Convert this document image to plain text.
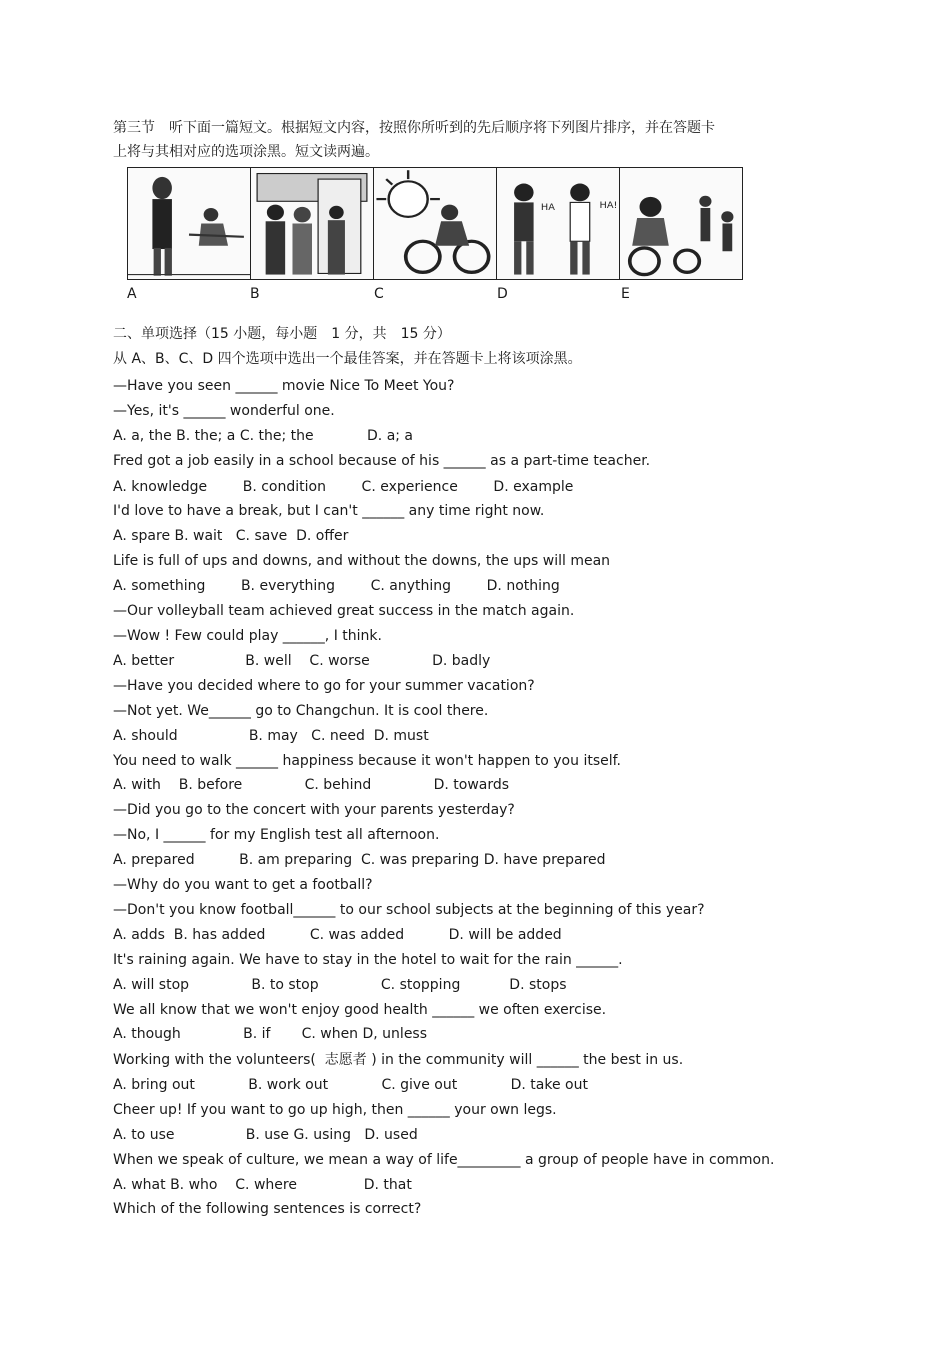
第三节　听下面一篇短文。根据短文内容，按照你所听到的先后顺序将下列图片排序，并在答题卡
上将与其相对应的选项涂黑。短文读两遍。
HA	HA!
A	B	C	D	E
二、单项选择（15 小题，每小题　1 分，共　15 分）
从 A、B、C、D 四个选项中选出一个最佳答案，并在答题卡上将该项涂黑。
—Have you seen ______ movie Nice To Meet You?
—Yes, it's ______ wonderful one.
A. a, the B. the; a C. the; the            D. a; a
Fred got a job easily in a school because of his ______ as a part-time teacher.
A. knowledge        B. condition        C. experience        D. example
I'd love to have a break, but I can't ______ any time right now.
A. spare B. wait   C. save  D. offer
Life is full of ups and downs, and without the downs, the ups will mean
A. something        B. everything        C. anything        D. nothing
—Our volleyball team achieved great success in the match again.
—Wow ! Few could play ______, I think.
A. better                B. well    C. worse              D. badly
—Have you decided where to go for your summer vacation?
—Not yet. We______ go to Changchun. It is cool there.
A. should                B. may   C. need  D. must
You need to walk ______ happiness because it won't happen to you itself.
A. with    B. before              C. behind              D. towards
—Did you go to the concert with your parents yesterday?
—No, I ______ for my English test all afternoon.
A. prepared          B. am preparing  C. was preparing D. have prepared
—Why do you want to get a football?
—Don't you know football______ to our school subjects at the beginning of this year?
A. adds  B. has added          C. was added          D. will be added
It's raining again. We have to stay in the hotel to wait for the rain ______.
A. will stop              B. to stop              C. stopping           D. stops
We all know that we won't enjoy good health ______ we often exercise.
A. though              B. if       C. when D, unless
Working with the volunteers(  志愿者 ) in the community will ______ the best in us.
A. bring out            B. work out            C. give out            D. take out
Cheer up! If you want to go up high, then ______ your own legs.
A. to use                B. use G. using   D. used
When we speak of culture, we mean a way of life_________ a group of people have in common.
A. what B. who    C. where               D. that
Which of the following sentences is correct?
